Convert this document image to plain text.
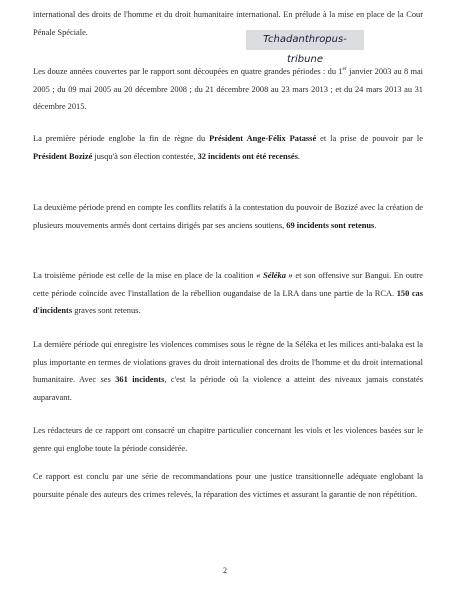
international des droits de l'homme et du droit humanitaire international. En prélude à la mise en place de la Cour Pénale Spéciale.

Tchadanthropus-tribune

Les douze années couvertes par le rapport sont découpées en quatre grandes périodes : du 1er janvier 2003 au 8 mai 2005 ; du 09 mai 2005 au 20 décembre 2008 ; du 21 décembre 2008 au 23 mars 2013 ; et du 24 mars 2013 au 31 décembre 2015.

La première période englobe la fin de règne du Président Ange-Félix Patassé et la prise de pouvoir par le Président Bozizé jusqu'à son élection contestée, 32 incidents ont été recensés.

La deuxième période prend en compte les conflits relatifs à la contestation du pouvoir de Bozizé avec la création de plusieurs mouvements armés dont certains dirigés par ses anciens soutiens, 69 incidents sont retenus.

La troisième période est celle de la mise en place de la coalition « Séléka » et son offensive sur Bangui. En outre cette période coïncide avec l'installation de la rébellion ougandaise de la LRA dans une partie de la RCA. 150 cas d'incidents graves sont retenus.

La dernière période qui enregistre les violences commises sous le règne de la Séléka et les milices anti-balaka est la plus importante en termes de violations graves du droit international des droits de l'homme et du droit international humanitaire. Avec ses 361 incidents, c'est la période où la violence a atteint des niveaux jamais constatés auparavant.

Les rédacteurs de ce rapport ont consacré un chapitre particulier concernant les viols et les violences basées sur le genre qui englobe toute la période considérée.

Ce rapport est conclu par une série de recommandations pour une justice transitionnelle adéquate englobant la poursuite pénale des auteurs des crimes relevés, la réparation des victimes et assurant la garantie de non répétition.

2
